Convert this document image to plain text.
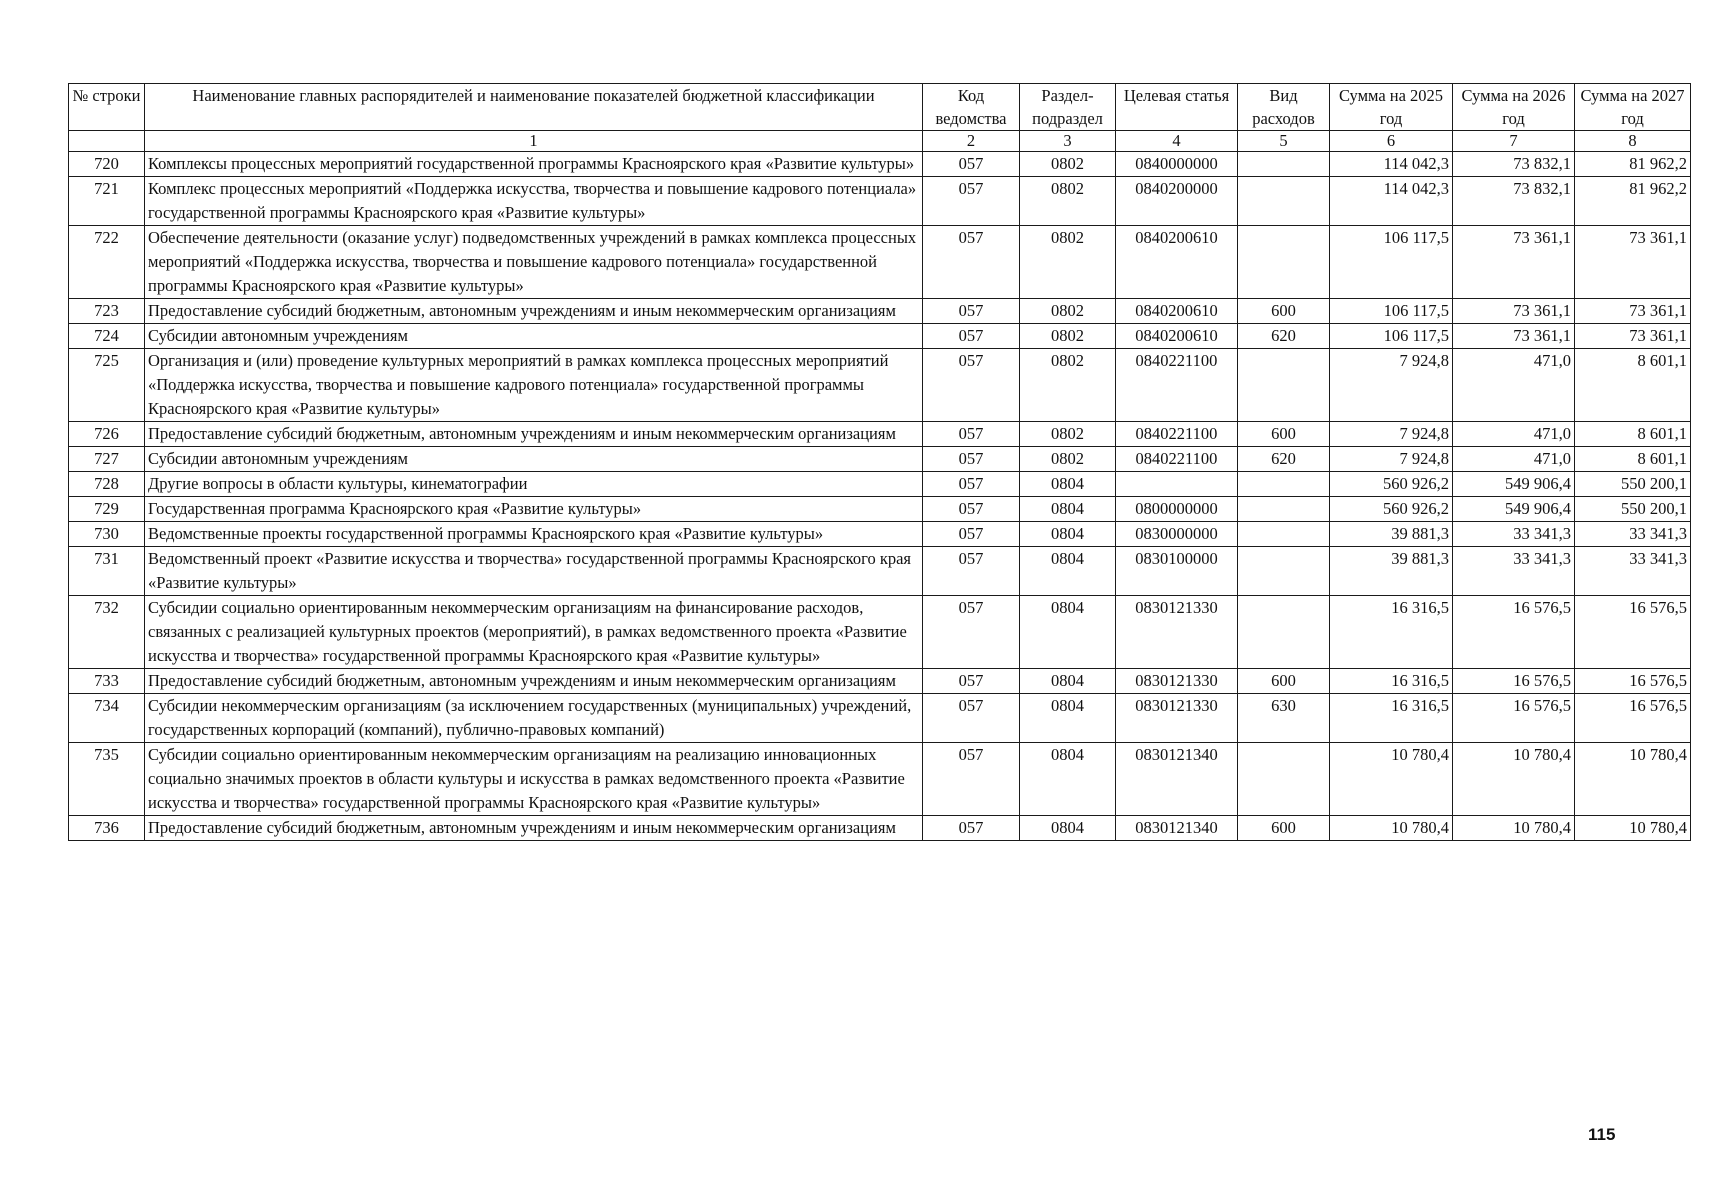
№ строки	Наименование главных распорядителей и наименование показателей бюджетной классификации	Код ведомства	Раздел-подраздел	Целевая статья	Вид расходов	Сумма на 2025 год	Сумма на 2026 год	Сумма на 2027 год
	1	2	3	4	5	6	7	8
720	Комплексы процессных мероприятий государственной программы Красноярского края «Развитие культуры»	057	0802	0840000000		114 042,3	73 832,1	81 962,2
721	Комплекс процессных мероприятий «Поддержка искусства, творчества и повышение кадрового потенциала» государственной программы Красноярского края «Развитие культуры»	057	0802	0840200000		114 042,3	73 832,1	81 962,2
722	Обеспечение деятельности (оказание услуг) подведомственных учреждений в рамках комплекса процессных мероприятий «Поддержка искусства, творчества и повышение кадрового потенциала» государственной программы Красноярского края «Развитие культуры»	057	0802	0840200610		106 117,5	73 361,1	73 361,1
723	Предоставление субсидий бюджетным, автономным учреждениям и иным некоммерческим организациям	057	0802	0840200610	600	106 117,5	73 361,1	73 361,1
724	Субсидии автономным учреждениям	057	0802	0840200610	620	106 117,5	73 361,1	73 361,1
725	Организация и (или) проведение культурных мероприятий в рамках комплекса процессных мероприятий «Поддержка искусства, творчества и повышение кадрового потенциала» государственной программы Красноярского края «Развитие культуры»	057	0802	0840221100		7 924,8	471,0	8 601,1
726	Предоставление субсидий бюджетным, автономным учреждениям и иным некоммерческим организациям	057	0802	0840221100	600	7 924,8	471,0	8 601,1
727	Субсидии автономным учреждениям	057	0802	0840221100	620	7 924,8	471,0	8 601,1
728	Другие вопросы в области культуры, кинематографии	057	0804			560 926,2	549 906,4	550 200,1
729	Государственная программа Красноярского края «Развитие культуры»	057	0804	0800000000		560 926,2	549 906,4	550 200,1
730	Ведомственные проекты государственной программы Красноярского края «Развитие культуры»	057	0804	0830000000		39 881,3	33 341,3	33 341,3
731	Ведомственный проект «Развитие искусства и творчества» государственной программы Красноярского края «Развитие культуры»	057	0804	0830100000		39 881,3	33 341,3	33 341,3
732	Субсидии социально ориентированным некоммерческим организациям на финансирование расходов, связанных с реализацией культурных проектов (мероприятий), в рамках ведомственного проекта «Развитие искусства и творчества» государственной программы Красноярского края «Развитие культуры»	057	0804	0830121330		16 316,5	16 576,5	16 576,5
733	Предоставление субсидий бюджетным, автономным учреждениям и иным некоммерческим организациям	057	0804	0830121330	600	16 316,5	16 576,5	16 576,5
734	Субсидии некоммерческим организациям (за исключением государственных (муниципальных) учреждений, государственных корпораций (компаний), публично-правовых компаний)	057	0804	0830121330	630	16 316,5	16 576,5	16 576,5
735	Субсидии социально ориентированным некоммерческим организациям на реализацию инновационных социально значимых проектов в области культуры и искусства в рамках ведомственного проекта «Развитие искусства и творчества» государственной программы Красноярского края «Развитие культуры»	057	0804	0830121340		10 780,4	10 780,4	10 780,4
736	Предоставление субсидий бюджетным, автономным учреждениям и иным некоммерческим организациям	057	0804	0830121340	600	10 780,4	10 780,4	10 780,4
115
